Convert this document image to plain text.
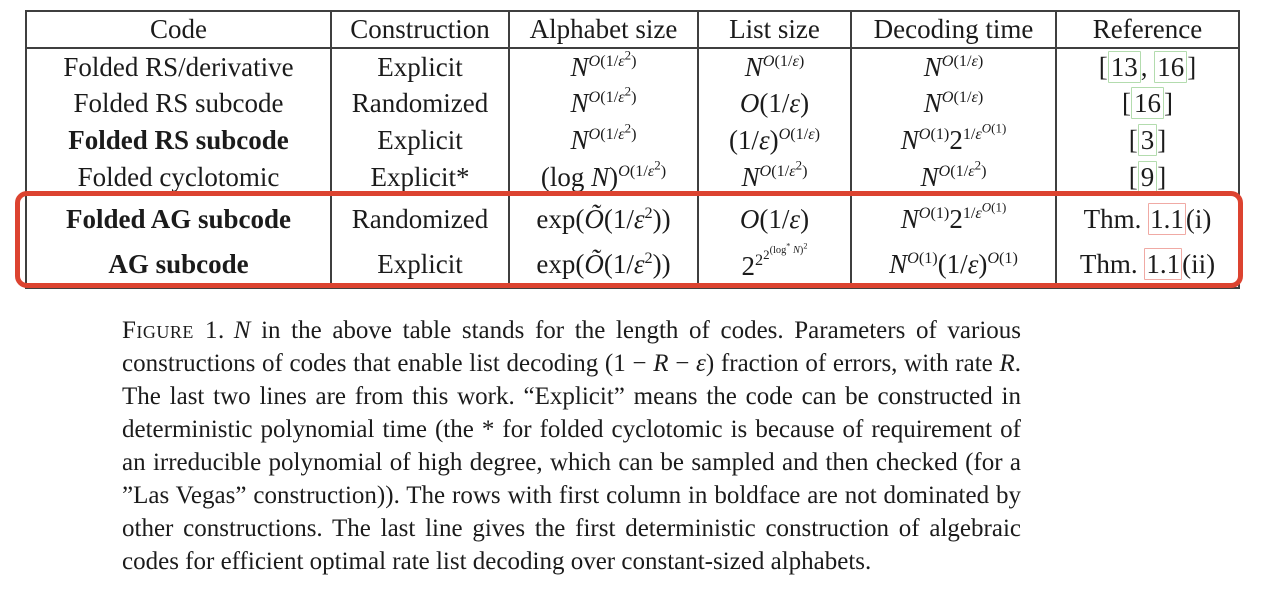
Code	Construction	Alphabet size	List size	Decoding time	Reference
Folded RS/derivative	Explicit	$N^{O(1/\varepsilon^2)}$	$N^{O(1/\varepsilon)}$	$N^{O(1/\varepsilon)}$	[ 13 , 16 ]
Folded RS subcode	Randomized	$N^{O(1/\varepsilon^2)}$	O(1/ε)	$N^{O(1/\varepsilon)}$	[ 16 ]
Folded RS subcode	Explicit	$N^{O(1/\varepsilon^2)}$	$(1/\varepsilon)^{O(1/\varepsilon)}$	$N^{O(1)}2^{1/\varepsilon^{O(1)}}$	[ 3 ]
Folded cyclotomic	Explicit*	(log N)$^{O(1/\varepsilon^2)}$	$N^{O(1/\varepsilon^2)}$	$N^{O(1/\varepsilon^2)}$	[ 9 ]
Folded AG subcode	Randomized	$\exp(Õ(1/\varepsilon^2))$	O(1/ε)	$N^{O(1)}2^{1/\varepsilon^{O(1)}}$	Thm. 1.1(i)
AG subcode	Explicit	$\exp(Õ(1/\varepsilon^2))$	$2^{2^{2^{(log^* N)^2}}}$	$N^{O(1)}(1/\varepsilon)^{O(1)}$	Thm. 1.1(ii)
Figure 1. N in the above table stands for the length of codes. Parameters of various constructions of codes that enable list decoding (1 − R − ε) fraction of errors, with rate R. The last two lines are from this work. “Explicit” means the code can be constructed in deterministic polynomial time (the * for folded cyclotomic is because of requirement of an irreducible polynomial of high degree, which can be sampled and then checked (for a ”Las Vegas” construction)). The rows with first column in boldface are not dominated by other constructions. The last line gives the first deterministic construction of algebraic codes for efficient optimal rate list decoding over constant-sized alphabets.
